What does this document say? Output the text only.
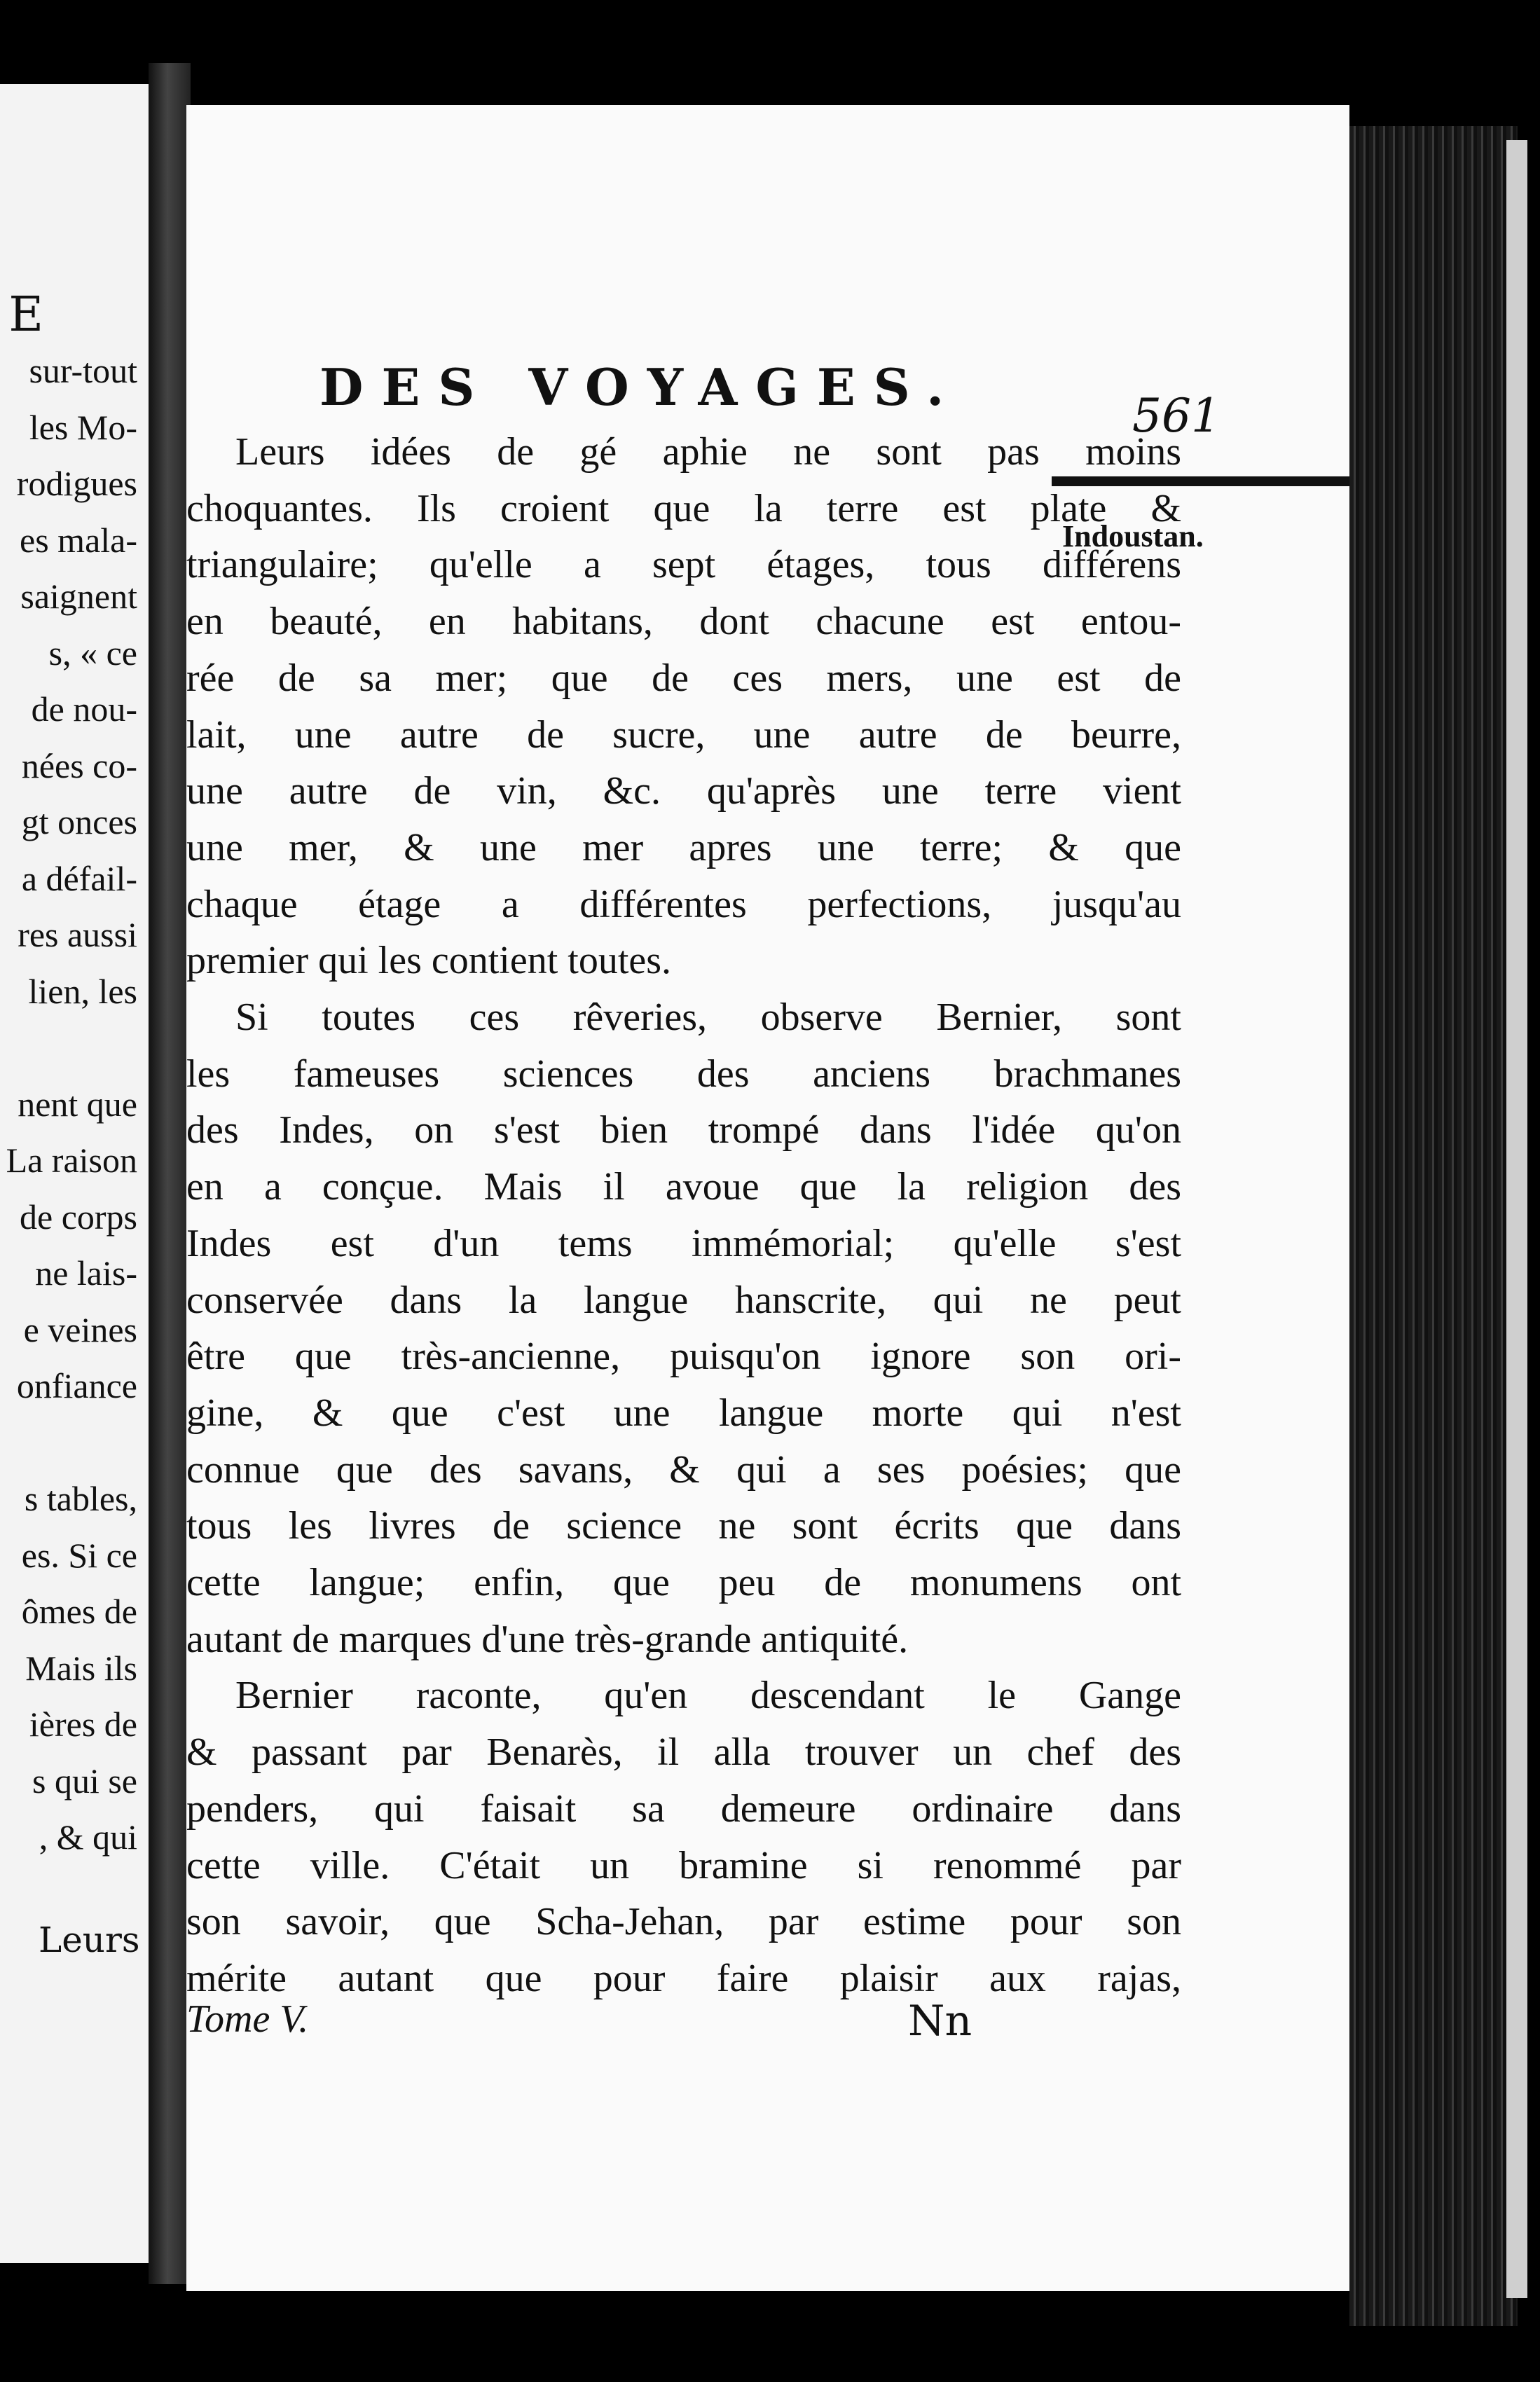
E
sur-tout
les Mo-
rodigues
es mala-
saignent
s, « ce
de nou-
nées co-
gt onces
a défail-
res aussi
lien, les
nent que
La raison
de corps
ne lais-
e veines
onfiance
s tables,
es. Si ce
ômes de
Mais ils
ières de
s qui se
, & qui
Leurs
DES VOYAGES.	561
Indoustan.
Leurs idées de gé aphie ne sont pas moins
choquantes. Ils croient que la terre est plate &
triangulaire; qu'elle a sept étages, tous différens
en beauté, en habitans, dont chacune est entou-
rée de sa mer; que de ces mers, une est de
lait, une autre de sucre, une autre de beurre,
une autre de vin, &c. qu'après une terre vient
une mer, & une mer apres une terre; & que
chaque étage a différentes perfections, jusqu'au
premier qui les contient toutes.
Si toutes ces rêveries, observe Bernier, sont
les fameuses sciences des anciens brachmanes
des Indes, on s'est bien trompé dans l'idée qu'on
en a conçue. Mais il avoue que la religion des
Indes est d'un tems immémorial; qu'elle s'est
conservée dans la langue hanscrite, qui ne peut
être que très-ancienne, puisqu'on ignore son ori-
gine, & que c'est une langue morte qui n'est
connue que des savans, & qui a ses poésies; que
tous les livres de science ne sont écrits que dans
cette langue; enfin, que peu de monumens ont
autant de marques d'une très-grande antiquité.
Bernier raconte, qu'en descendant le Gange
& passant par Benarès, il alla trouver un chef des
penders, qui faisait sa demeure ordinaire dans
cette ville. C'était un bramine si renommé par
son savoir, que Scha-Jehan, par estime pour son
mérite autant que pour faire plaisir aux rajas,
Tome V.	Nn
